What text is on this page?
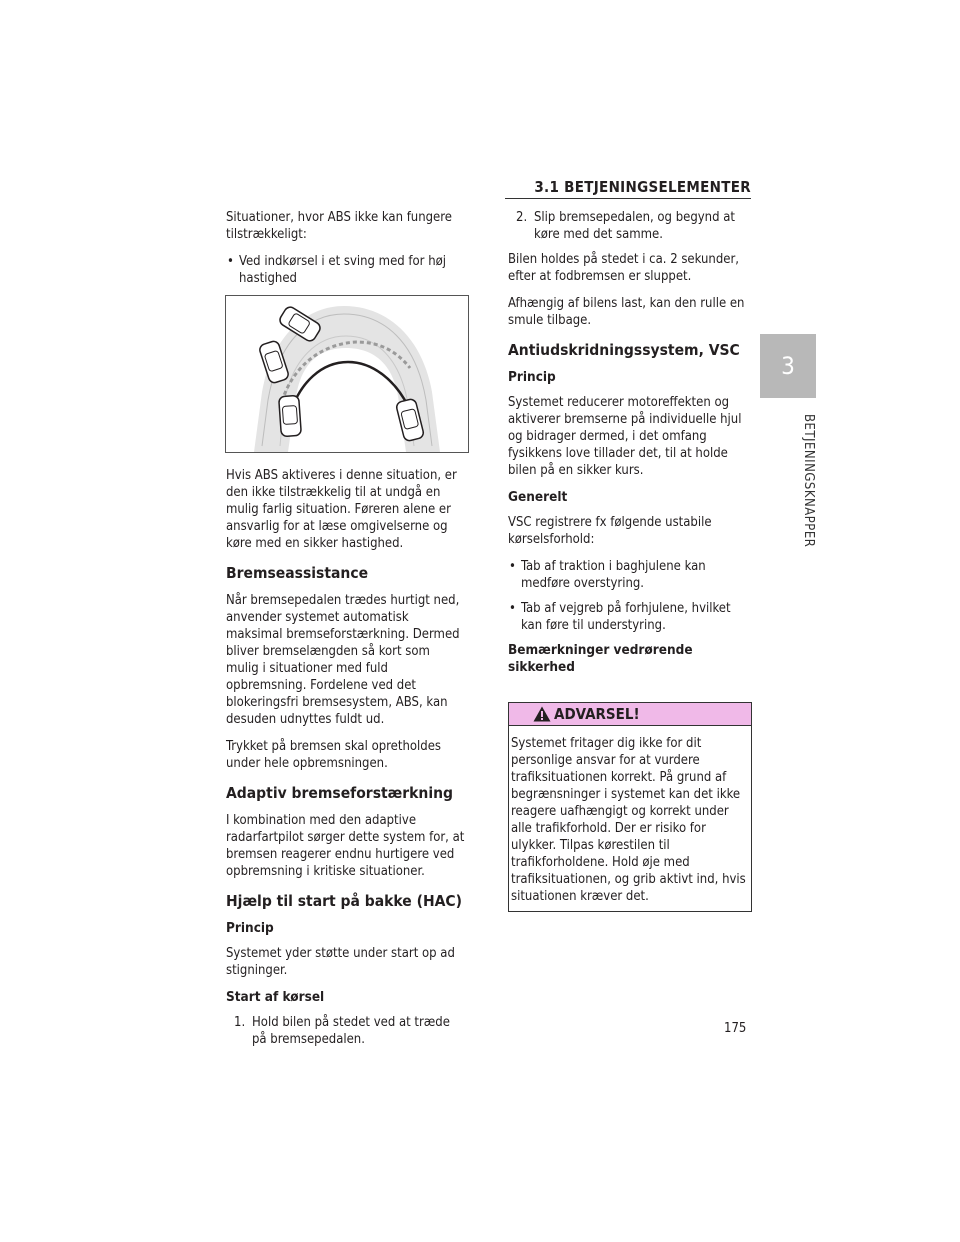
3.1 BETJENINGSELEMENTER
3
BETJENINGSKNAPPER

Situationer, hvor ABS ikke kan fungere tilstrækkeligt:

• Ved indkørsel i et sving med for høj hastighed

Hvis ABS aktiveres i denne situation, er den ikke tilstrækkelig til at undgå en mulig farlig situation. Føreren alene er ansvarlig for at læse omgivelserne og køre med en sikker hastighed.

Bremseassistance

Når bremsepedalen trædes hurtigt ned, anvender systemet automatisk maksimal bremseforstærkning. Dermed bliver bremselængden så kort som mulig i situationer med fuld opbremsning. Fordelene ved det blokeringsfri bremsesystem, ABS, kan desuden udnyttes fuldt ud.

Trykket på bremsen skal opretholdes under hele opbremsningen.

Adaptiv bremseforstærkning

I kombination med den adaptive radarfartpilot sørger dette system for, at bremsen reagerer endnu hurtigere ved opbremsning i kritiske situationer.

Hjælp til start på bakke (HAC)
Princip

Systemet yder støtte under start op ad stigninger.

Start af kørsel
1. Hold bilen på stedet ved at træde på bremsepedalen.
2. Slip bremsepedalen, og begynd at køre med det samme.

Bilen holdes på stedet i ca. 2 sekunder, efter at fodbremsen er sluppet.

Afhængig af bilens last, kan den rulle en smule tilbage.

Antiudskridningssystem, VSC
Princip

Systemet reducerer motoreffekten og aktiverer bremserne på individuelle hjul og bidrager dermed, i det omfang fysikkens love tillader det, til at holde bilen på en sikker kurs.

Generelt

VSC registrere fx følgende ustabile kørselsforhold:

• Tab af traktion i baghjulene kan medføre overstyring.
• Tab af vejgreb på forhjulene, hvilket kan føre til understyring.
Bemærkninger vedrørende sikkerhed
ADVARSEL!
Systemet fritager dig ikke for dit personlige ansvar for at vurdere trafiksituationen korrekt. På grund af begrænsninger i systemet kan det ikke reagere uafhængigt og korrekt under alle trafikforhold. Der er risiko for ulykker. Tilpas kørestilen til trafikforholdene. Hold øje med trafiksituationen, og grib aktivt ind, hvis situationen kræver det.
175
